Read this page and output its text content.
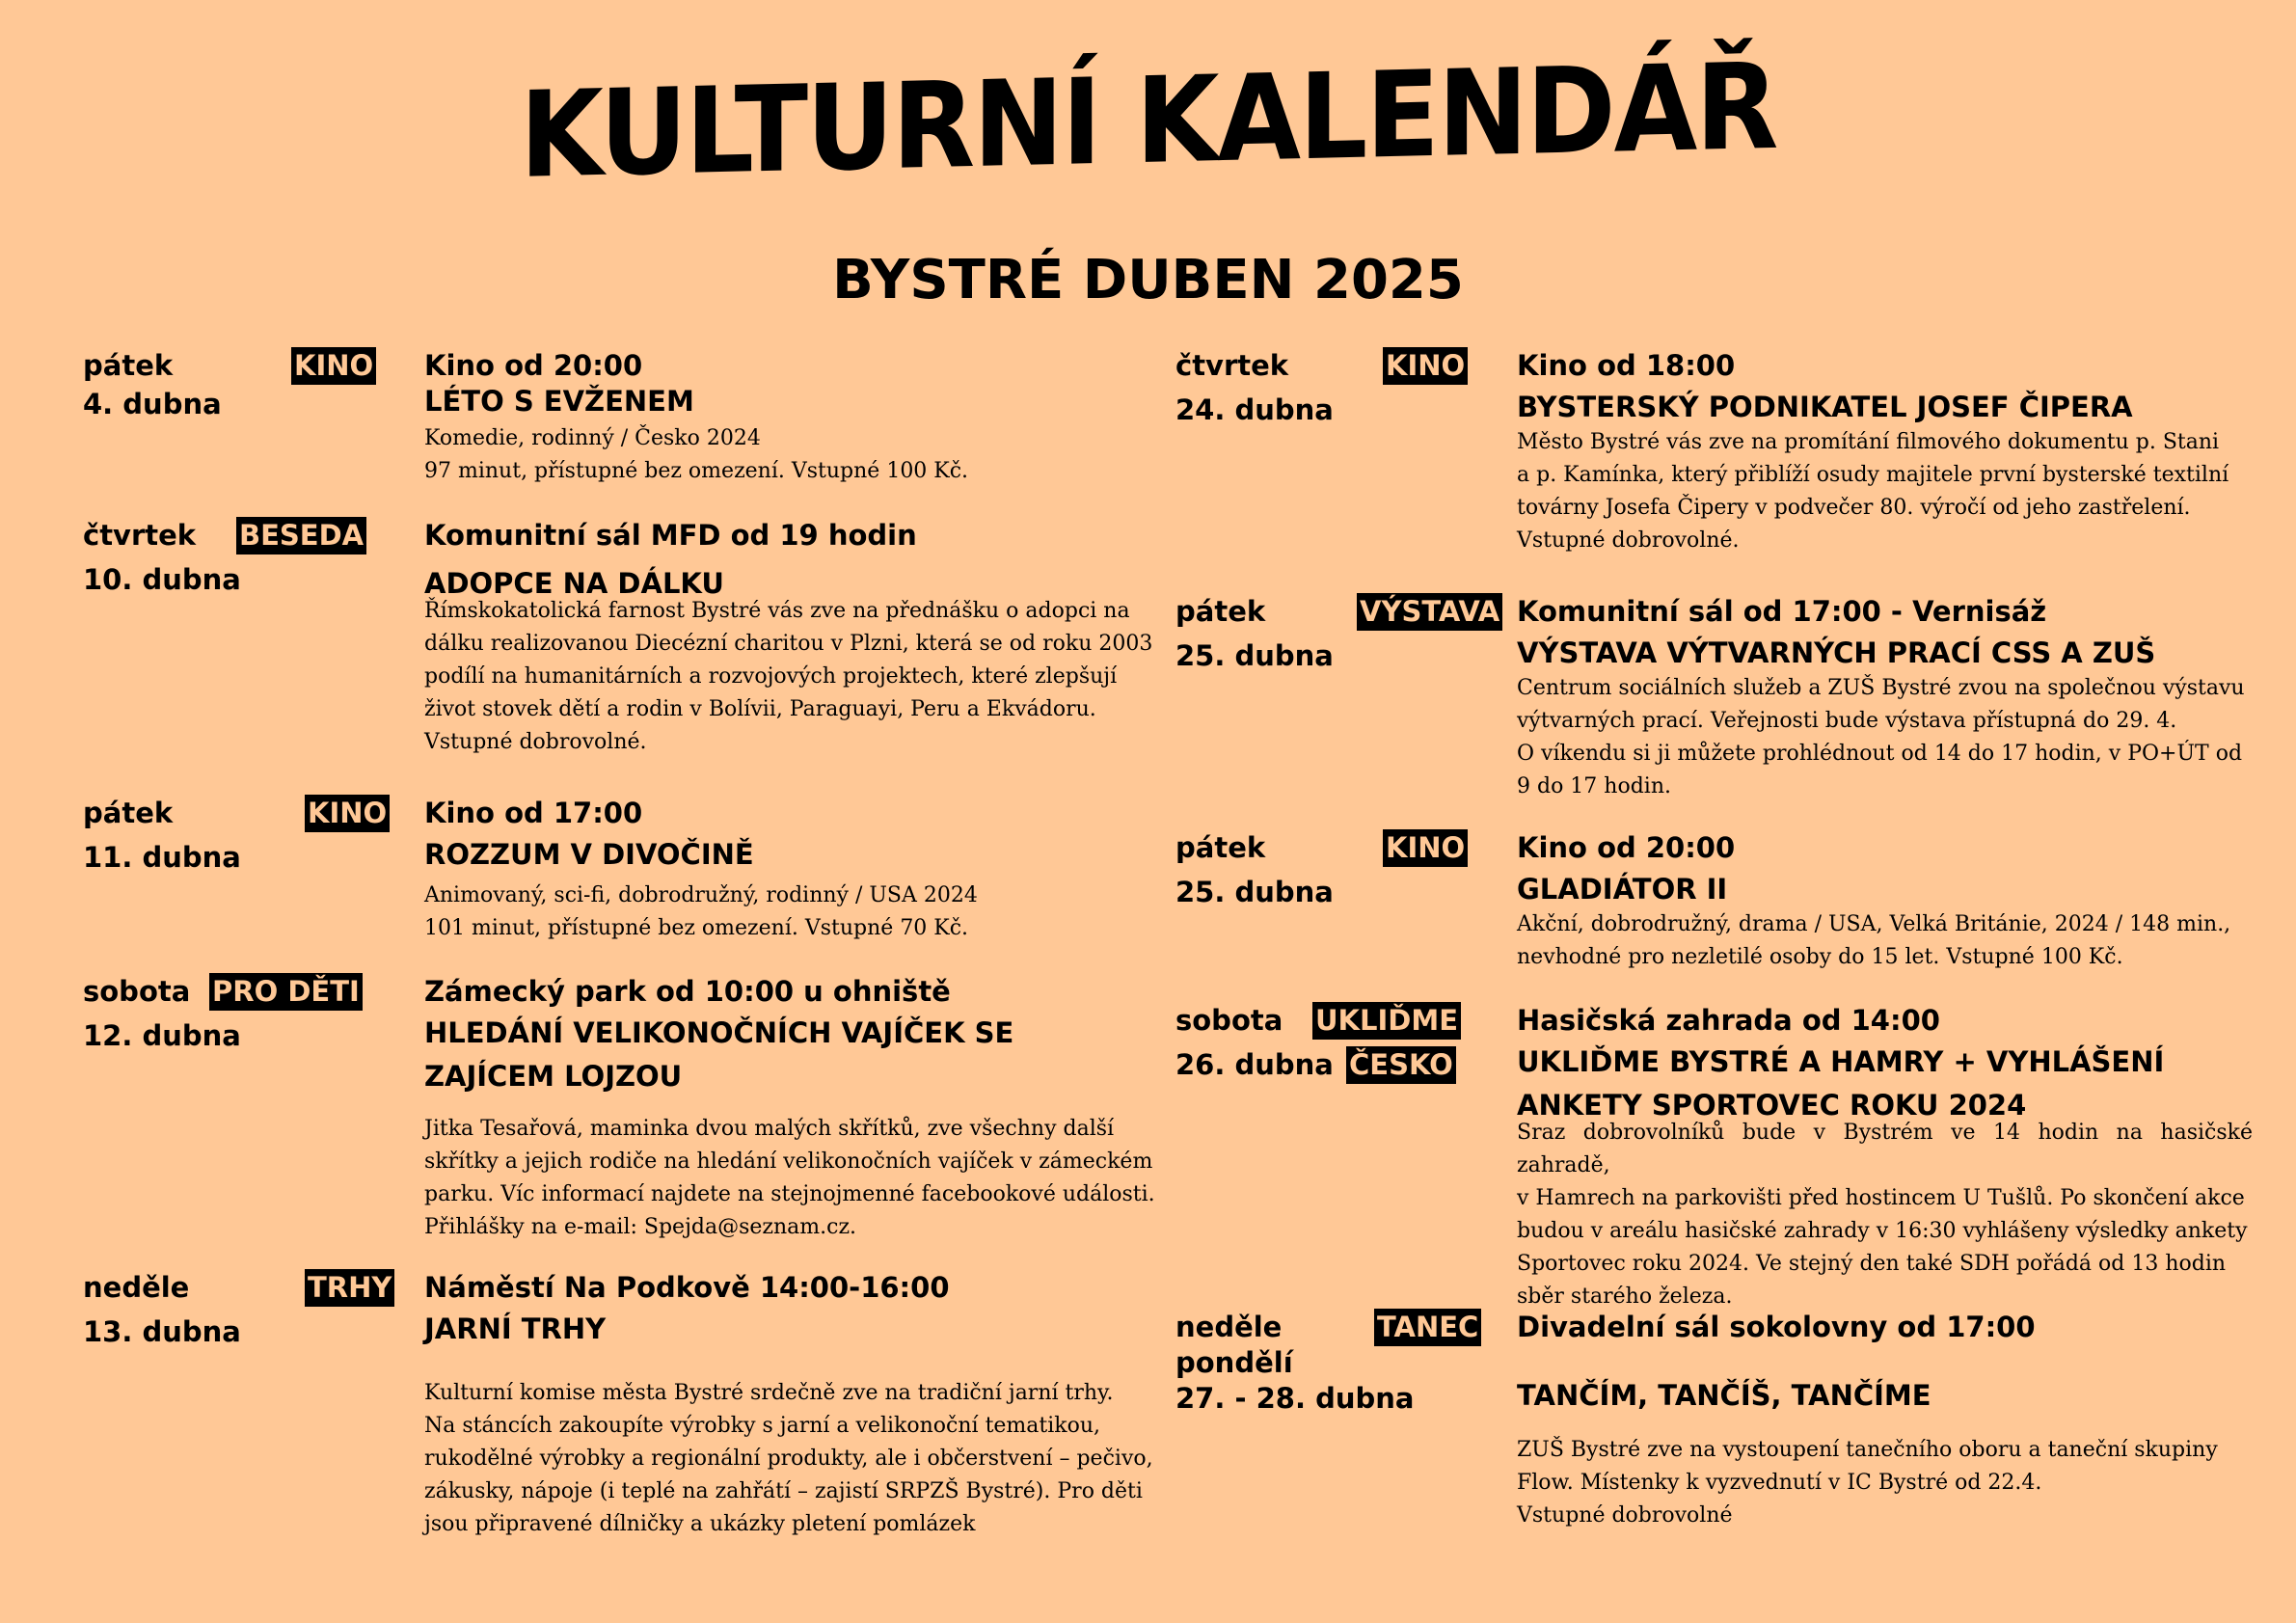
KULTURNÍ KALENDÁŘ
BYSTRÉ DUBEN 2025
pátek
4. dubna
KINO Kino od 20:00
LÉTO S EVŽENEM
Komedie, rodinný / Česko 2024
97 minut, přístupné bez omezení. Vstupné 100 Kč.
čtvrtek
10. dubna
BESEDA Komunitní sál MFD od 19 hodin
ADOPCE NA DÁLKU
Římskokatolická farnost Bystré vás zve na přednášku o adopci na
dálku realizovanou Diecézní charitou v Plzni, která se od roku 2003
podílí na humanitárních a rozvojových projektech, které zlepšují
život stovek dětí a rodin v Bolívii, Paraguayi, Peru a Ekvádoru.
Vstupné dobrovolné.
pátek
11. dubna
KINO Kino od 17:00
ROZZUM V DIVOČINĚ
Animovaný, sci-fi, dobrodružný, rodinný / USA 2024
101 minut, přístupné bez omezení. Vstupné 70 Kč.
sobota
12. dubna
PRO DĚTI Zámecký park od 10:00 u ohniště
HLEDÁNÍ VELIKONOČNÍCH VAJÍČEK SE ZAJÍCEM LOJZOU
Jitka Tesařová, maminka dvou malých skřítků, zve všechny další
skřítky a jejich rodiče na hledání velikonočních vajíček v zámeckém
parku. Víc informací najdete na stejnojmenné facebookové události.
Přihlášky na e-mail: Spejda@seznam.cz.
neděle
13. dubna
TRHY Náměstí Na Podkově 14:00-16:00
JARNÍ TRHY
Kulturní komise města Bystré srdečně zve na tradiční jarní trhy.
Na stáncích zakoupíte výrobky s jarní a velikonoční tematikou,
rukodělné výrobky a regionální produkty, ale i občerstvení – pečivo,
zákusky, nápoje (i teplé na zahřátí – zajistí SRPZŠ Bystré). Pro děti
jsou připravené dílničky a ukázky pletení pomlázek
čtvrtek
24. dubna
KINO Kino od 18:00
BYSTERSKÝ PODNIKATEL JOSEF ČIPERA
Město Bystré vás zve na promítání filmového dokumentu p. Stani
a p. Kamínka, který přiblíží osudy majitele první bysterské textilní
továrny Josefa Čipery v podvečer 80. výročí od jeho zastřelení.
Vstupné dobrovolné.
pátek
25. dubna
VÝSTAVA Komunitní sál od 17:00 - Vernisáž
VÝSTAVA VÝTVARNÝCH PRACÍ CSS A ZUŠ
Centrum sociálních služeb a ZUŠ Bystré zvou na společnou výstavu
výtvarných prací. Veřejnosti bude výstava přístupná do 29. 4.
O víkendu si ji můžete prohlédnout od 14 do 17 hodin, v PO+ÚT od
9 do 17 hodin.
pátek
25. dubna
KINO Kino od 20:00
GLADIÁTOR II
Akční, dobrodružný, drama / USA, Velká Británie, 2024 / 148 min.,
nevhodné pro nezletilé osoby do 15 let. Vstupné 100 Kč.
sobota
26. dubna
UKLIĎME
ČESKO
Hasičská zahrada od 14:00
UKLIĎME BYSTRÉ A HAMRY + VYHLÁŠENÍ ANKETY SPORTOVEC ROKU 2024
Sraz dobrovolníků bude v Bystrém ve 14 hodin na hasičské zahradě,
v Hamrech na parkovišti před hostincem U Tušlů. Po skončení akce
budou v areálu hasičské zahrady v 16:30 vyhlášeny výsledky ankety
Sportovec roku 2024. Ve stejný den také SDH pořádá od 13 hodin
sběr starého železa.
neděle
pondělí
27. - 28. dubna
TANEC Divadelní sál sokolovny od 17:00
TANČÍM, TANČÍŠ, TANČÍME
ZUŠ Bystré zve na vystoupení tanečního oboru a taneční skupiny
Flow. Místenky k vyzvednutí v IC Bystré od 22.4.
Vstupné dobrovolné
